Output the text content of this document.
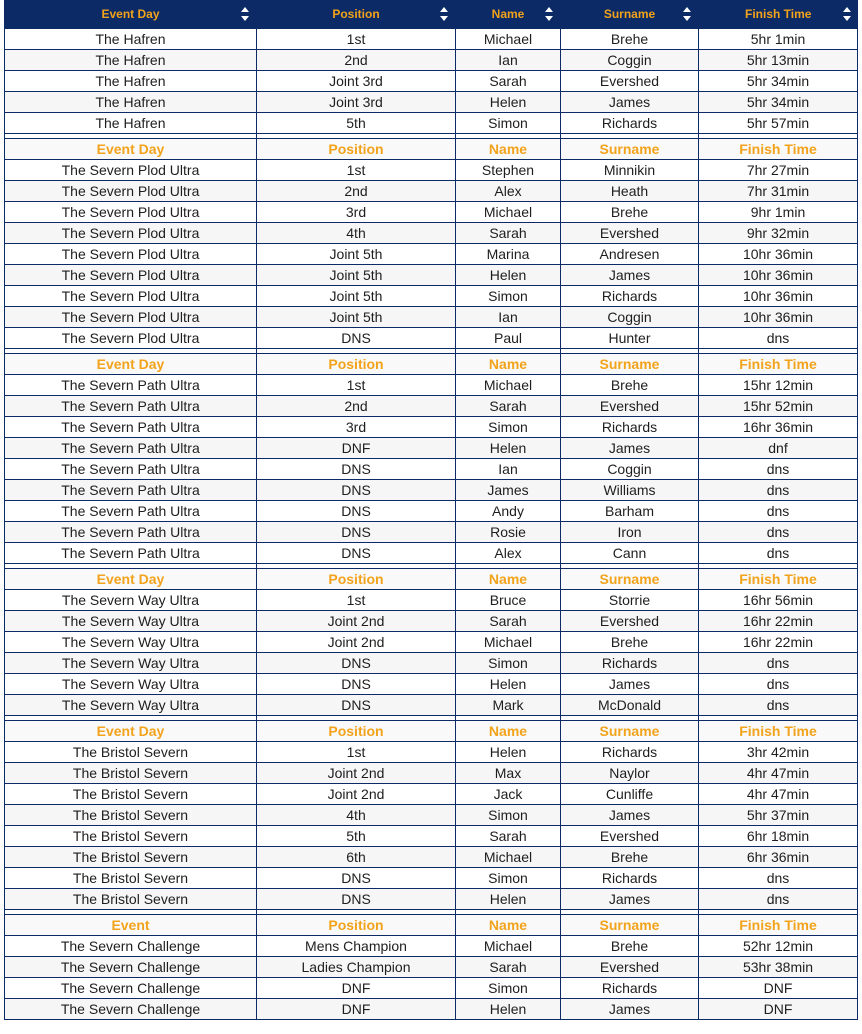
Event Day	Position	Name	Surname	Finish Time

The Hafren	1st	Michael	Brehe	5hr 1min
The Hafren	2nd	Ian	Coggin	5hr 13min
The Hafren	Joint 3rd	Sarah	Evershed	5hr 34min
The Hafren	Joint 3rd	Helen	James	5hr 34min
The Hafren	5th	Simon	Richards	5hr 57min

Event Day	Position	Name	Surname	Finish Time
The Severn Plod Ultra	1st	Stephen	Minnikin	7hr 27min
The Severn Plod Ultra	2nd	Alex	Heath	7hr 31min
The Severn Plod Ultra	3rd	Michael	Brehe	9hr 1min
The Severn Plod Ultra	4th	Sarah	Evershed	9hr 32min
The Severn Plod Ultra	Joint 5th	Marina	Andresen	10hr 36min
The Severn Plod Ultra	Joint 5th	Helen	James	10hr 36min
The Severn Plod Ultra	Joint 5th	Simon	Richards	10hr 36min
The Severn Plod Ultra	Joint 5th	Ian	Coggin	10hr 36min
The Severn Plod Ultra	DNS	Paul	Hunter	dns

Event Day	Position	Name	Surname	Finish Time
The Severn Path Ultra	1st	Michael	Brehe	15hr 12min
The Severn Path Ultra	2nd	Sarah	Evershed	15hr 52min
The Severn Path Ultra	3rd	Simon	Richards	16hr 36min
The Severn Path Ultra	DNF	Helen	James	dnf
The Severn Path Ultra	DNS	Ian	Coggin	dns
The Severn Path Ultra	DNS	James	Williams	dns
The Severn Path Ultra	DNS	Andy	Barham	dns
The Severn Path Ultra	DNS	Rosie	Iron	dns
The Severn Path Ultra	DNS	Alex	Cann	dns

Event Day	Position	Name	Surname	Finish Time
The Severn Way Ultra	1st	Bruce	Storrie	16hr 56min
The Severn Way Ultra	Joint 2nd	Sarah	Evershed	16hr 22min
The Severn Way Ultra	Joint 2nd	Michael	Brehe	16hr 22min
The Severn Way Ultra	DNS	Simon	Richards	dns
The Severn Way Ultra	DNS	Helen	James	dns
The Severn Way Ultra	DNS	Mark	McDonald	dns

Event Day	Position	Name	Surname	Finish Time
The Bristol Severn	1st	Helen	Richards	3hr 42min
The Bristol Severn	Joint 2nd	Max	Naylor	4hr 47min
The Bristol Severn	Joint 2nd	Jack	Cunliffe	4hr 47min
The Bristol Severn	4th	Simon	James	5hr 37min
The Bristol Severn	5th	Sarah	Evershed	6hr 18min
The Bristol Severn	6th	Michael	Brehe	6hr 36min
The Bristol Severn	DNS	Simon	Richards	dns
The Bristol Severn	DNS	Helen	James	dns

Event	Position	Name	Surname	Finish Time
The Severn Challenge	Mens Champion	Michael	Brehe	52hr 12min
The Severn Challenge	Ladies Champion	Sarah	Evershed	53hr 38min
The Severn Challenge	DNF	Simon	Richards	DNF
The Severn Challenge	DNF	Helen	James	DNF
